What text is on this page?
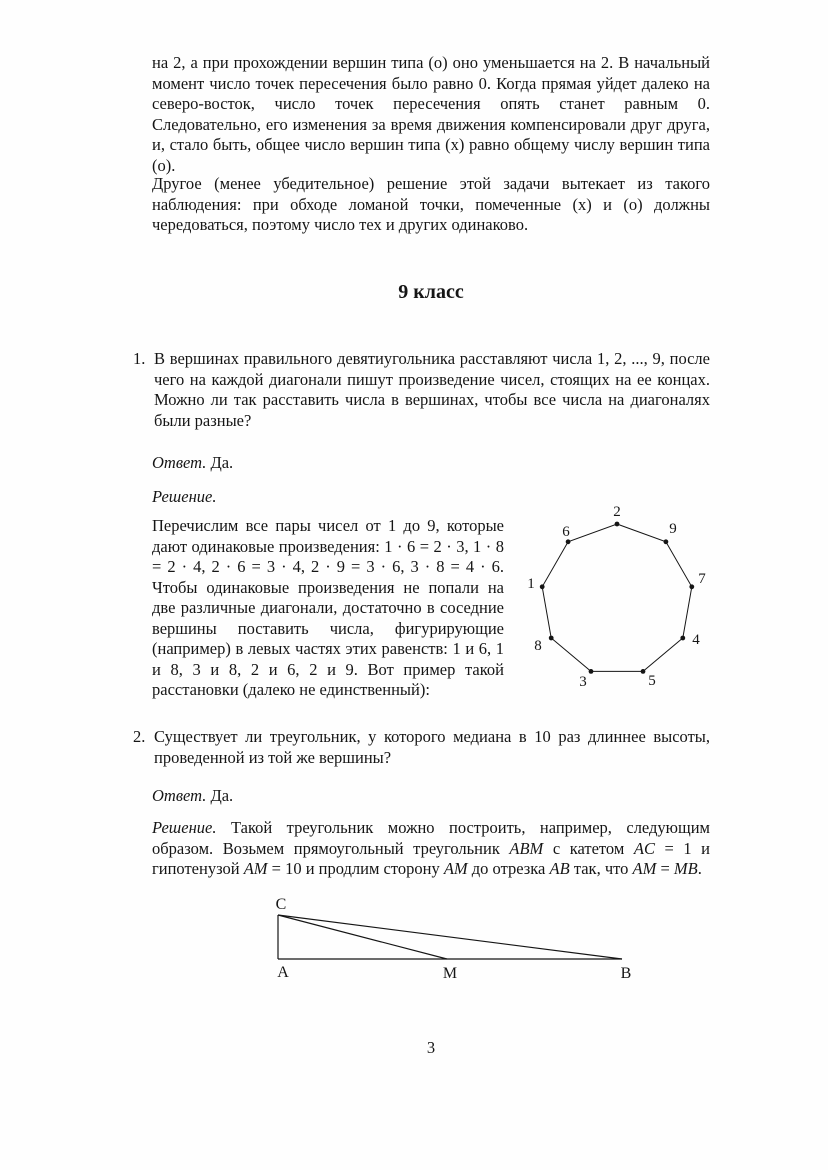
на 2, а при прохождении вершин типа (о) оно уменьшается на 2. В начальный момент число точек пересечения было равно 0. Когда прямая уйдет далеко на северо-восток, число точек пересечения опять станет равным 0. Следовательно, его изменения за время движения компенсировали друг друга, и, стало быть, общее число вершин типа (x) равно общему числу вершин типа (о).

Другое (менее убедительное) решение этой задачи вытекает из такого наблюдения: при обходе ломаной точки, помеченные (x) и (о) должны чередоваться, поэтому число тех и других одинаково.

9 класс
1. В вершинах правильного девятиугольника расставляют числа 1, 2, ..., 9, после чего на каждой диагонали пишут произведение чисел, стоящих на ее концах. Можно ли так расставить числа в вершинах, чтобы все числа на диагоналях были разные?
Ответ. Да.
Решение.

Перечислим все пары чисел от 1 до 9, которые дают одинаковые произведения: 1 · 6 = 2 · 3, 1 · 8 = 2 · 4, 2 · 6 = 3 · 4, 2 · 9 = 3 · 6, 3 · 8 = 4 · 6. Чтобы одинаковые произведения не попали на две различные диагонали, достаточно в соседние вершины поставить числа, фигурирующие (например) в левых частях этих равенств: 1 и 6, 1 и 8, 3 и 8, 2 и 6, 2 и 9. Вот пример такой расстановки (далеко не единственный):

2
9
7
4
5
3
8
1
6
2. Существует ли треугольник, у которого медиана в 10 раз длиннее высоты, проведенной из той же вершины?
Ответ. Да.

Решение. Такой треугольник можно построить, например, следующим образом. Возьмем прямоугольный треугольник ABM с катетом AC = 1 и гипотенузой AM = 10 и продлим сторону AM до отрезка AB так, что AM = MB.

C
A	M	B
3
